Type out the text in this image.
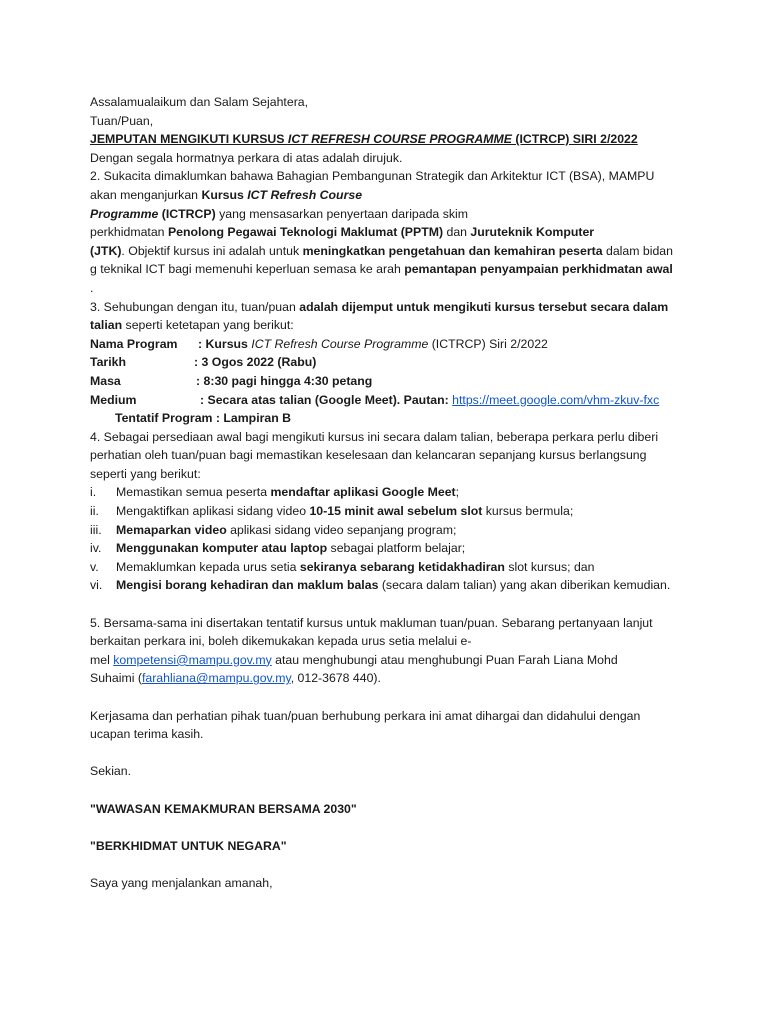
Assalamualaikum dan Salam Sejahtera,
Tuan/Puan,
JEMPUTAN MENGIKUTI KURSUS ICT REFRESH COURSE PROGRAMME (ICTRCP) SIRI 2/2022
Dengan segala hormatnya perkara di atas adalah dirujuk.
2. Sukacita dimaklumkan bahawa Bahagian Pembangunan Strategik dan Arkitektur ICT (BSA), MAMPU
akan menganjurkan Kursus ICT Refresh Course
Programme (ICTRCP) yang mensasarkan penyertaan daripada skim
perkhidmatan Penolong Pegawai Teknologi Maklumat (PPTM) dan Juruteknik Komputer
(JTK). Objektif kursus ini adalah untuk meningkatkan pengetahuan dan kemahiran peserta dalam bidan
g teknikal ICT bagi memenuhi keperluan semasa ke arah pemantapan penyampaian perkhidmatan awal
.
3. Sehubungan dengan itu, tuan/puan adalah dijemput untuk mengikuti kursus tersebut secara dalam
talian seperti ketetapan yang berikut:
Nama Program : Kursus ICT Refresh Course Programme (ICTRCP) Siri 2/2022
Tarikh	: 3 Ogos 2022 (Rabu)
Masa	: 8:30 pagi hingga 4:30 petang
Medium	: Secara atas talian (Google Meet). Pautan: https://meet.google.com/vhm-zkuv-fxc
Tentatif Program : Lampiran B
4. Sebagai persediaan awal bagi mengikuti kursus ini secara dalam talian, beberapa perkara perlu diberi
perhatian oleh tuan/puan bagi memastikan keselesaan dan kelancaran sepanjang kursus berlangsung
seperti yang berikut:
i. Memastikan semua peserta mendaftar aplikasi Google Meet;
ii. Mengaktifkan aplikasi sidang video 10-15 minit awal sebelum slot kursus bermula;
iii. Memaparkan video aplikasi sidang video sepanjang program;
iv. Menggunakan komputer atau laptop sebagai platform belajar;
v. Memaklumkan kepada urus setia sekiranya sebarang ketidakhadiran slot kursus; dan
vi. Mengisi borang kehadiran dan maklum balas (secara dalam talian) yang akan diberikan kemudian.
5. Bersama-sama ini disertakan tentatif kursus untuk makluman tuan/puan. Sebarang pertanyaan lanjut
berkaitan perkara ini, boleh dikemukakan kepada urus setia melalui e-
mel kompetensi@mampu.gov.my atau menghubungi atau menghubungi Puan Farah Liana Mohd
Suhaimi (farahliana@mampu.gov.my, 012-3678 440).
Kerjasama dan perhatian pihak tuan/puan berhubung perkara ini amat dihargai dan didahului dengan
ucapan terima kasih.
Sekian.
"WAWASAN KEMAKMURAN BERSAMA 2030"
"BERKHIDMAT UNTUK NEGARA"
Saya yang menjalankan amanah,
